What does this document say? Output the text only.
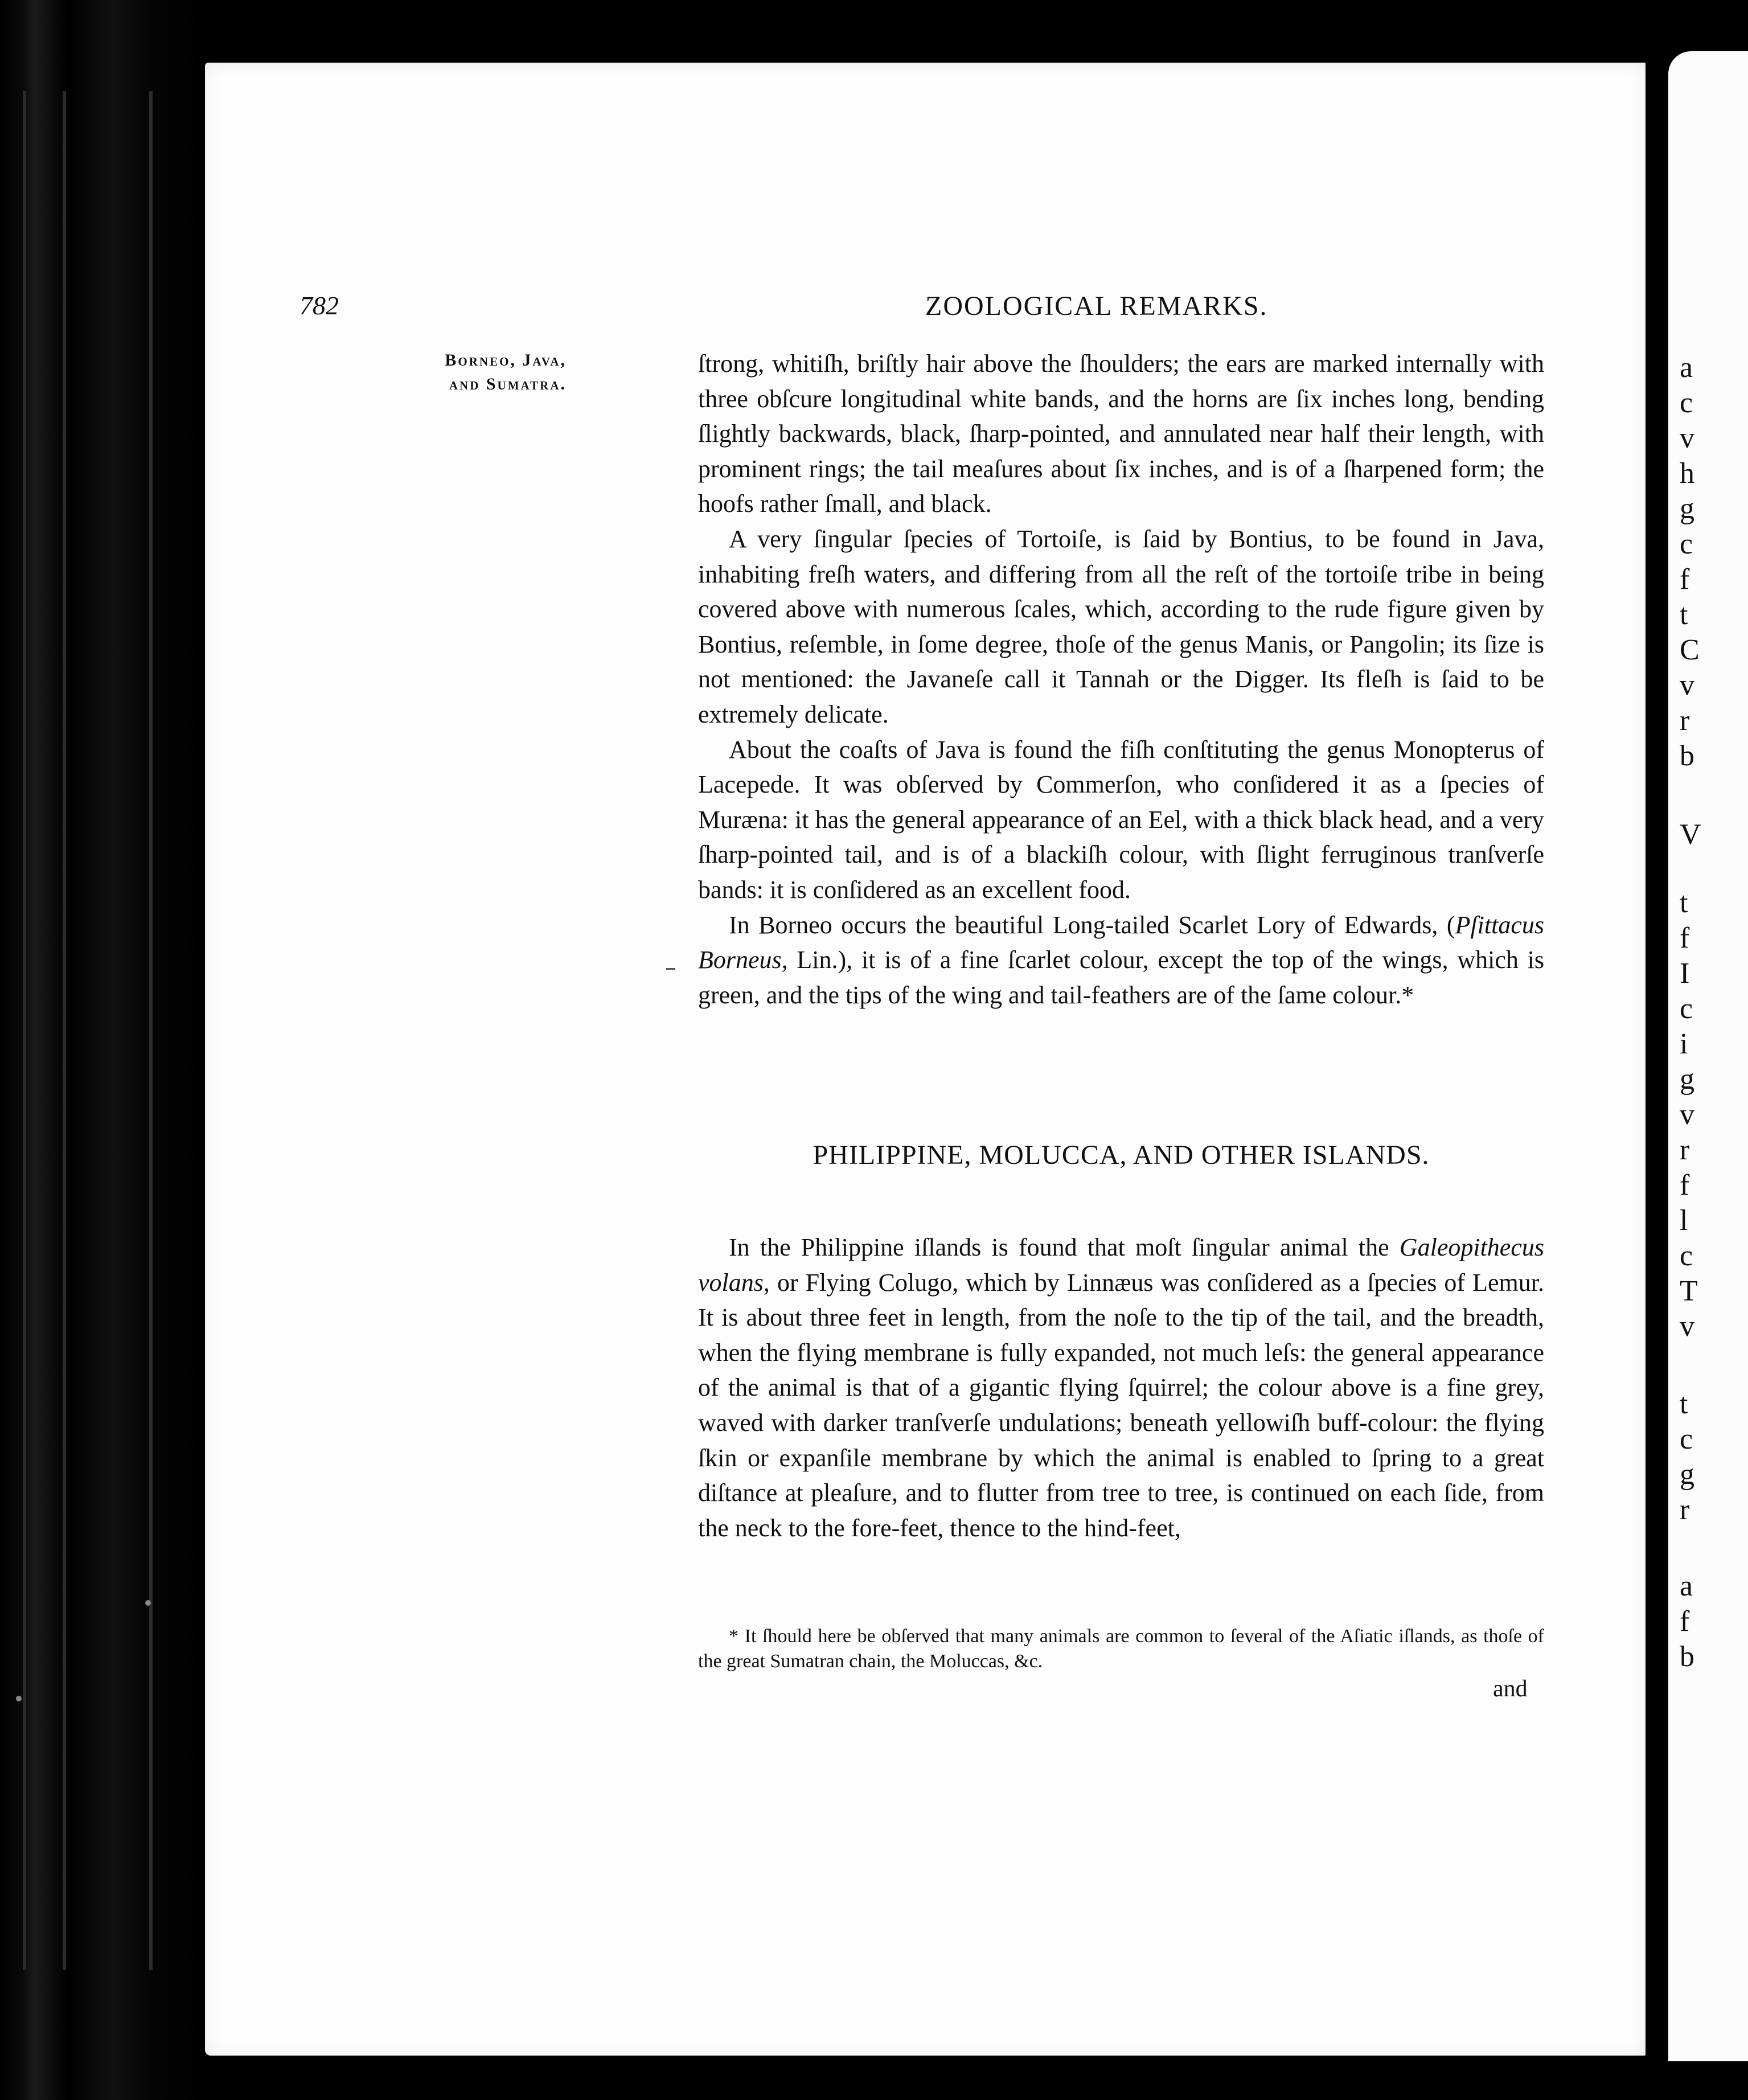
a
c
v
h
g
c
f
t
C
v
r
b
V
t
f
I
c
i
g
v
r
f
l
c
T
v
t
c
g
r
a
f
b
782	ZOOLOGICAL REMARKS.
Borneo, Java,
and Sumatra.

ſtrong, whitiſh, briſtly hair above the ſhoulders; the ears are marked internally with three obſcure longitudinal white bands, and the horns are ſix inches long, bending ſlightly backwards, black, ſharp-pointed, and annulated near half their length, with prominent rings; the tail meaſures about ſix inches, and is of a ſharpened form; the hoofs rather ſmall, and black.

A very ſingular ſpecies of Tortoiſe, is ſaid by Bontius, to be found in Java, inhabiting freſh waters, and differing from all the reſt of the tortoiſe tribe in being covered above with numerous ſcales, which, according to the rude figure given by Bontius, reſemble, in ſome degree, thoſe of the genus Manis, or Pangolin; its ſize is not mentioned: the Javaneſe call it Tannah or the Digger. Its fleſh is ſaid to be extremely delicate.

About the coaſts of Java is found the fiſh conſtituting the genus Monopterus of Lacepede. It was obſerved by Commerſon, who conſidered it as a ſpecies of Muræna: it has the general appearance of an Eel, with a thick black head, and a very ſharp-pointed tail, and is of a blackiſh colour, with ſlight ferruginous tranſverſe bands: it is conſidered as an excellent food.

In Borneo occurs the beautiful Long-tailed Scarlet Lory of Edwards, (Pſittacus Borneus, Lin.), it is of a fine ſcarlet colour, except the top of the wings, which is green, and the tips of the wing and tail-feathers are of the ſame colour.*

PHILIPPINE, MOLUCCA, AND OTHER ISLANDS.

In the Philippine iſlands is found that moſt ſingular animal the Galeopithecus volans, or Flying Colugo, which by Linnæus was conſidered as a ſpecies of Lemur. It is about three feet in length, from the noſe to the tip of the tail, and the breadth, when the flying membrane is fully expanded, not much leſs: the general appearance of the animal is that of a gigantic flying ſquirrel; the colour above is a fine grey, waved with darker tranſverſe undulations; beneath yellowiſh buff-colour: the flying ſkin or expanſile membrane by which the animal is enabled to ſpring to a great diſtance at pleaſure, and to flutter from tree to tree, is continued on each ſide, from the neck to the fore-feet, thence to the hind-feet,

* It ſhould here be obſerved that many animals are common to ſeveral of the Aſiatic iſlands, as thoſe of the great Sumatran chain, the Moluccas, &c.
and
